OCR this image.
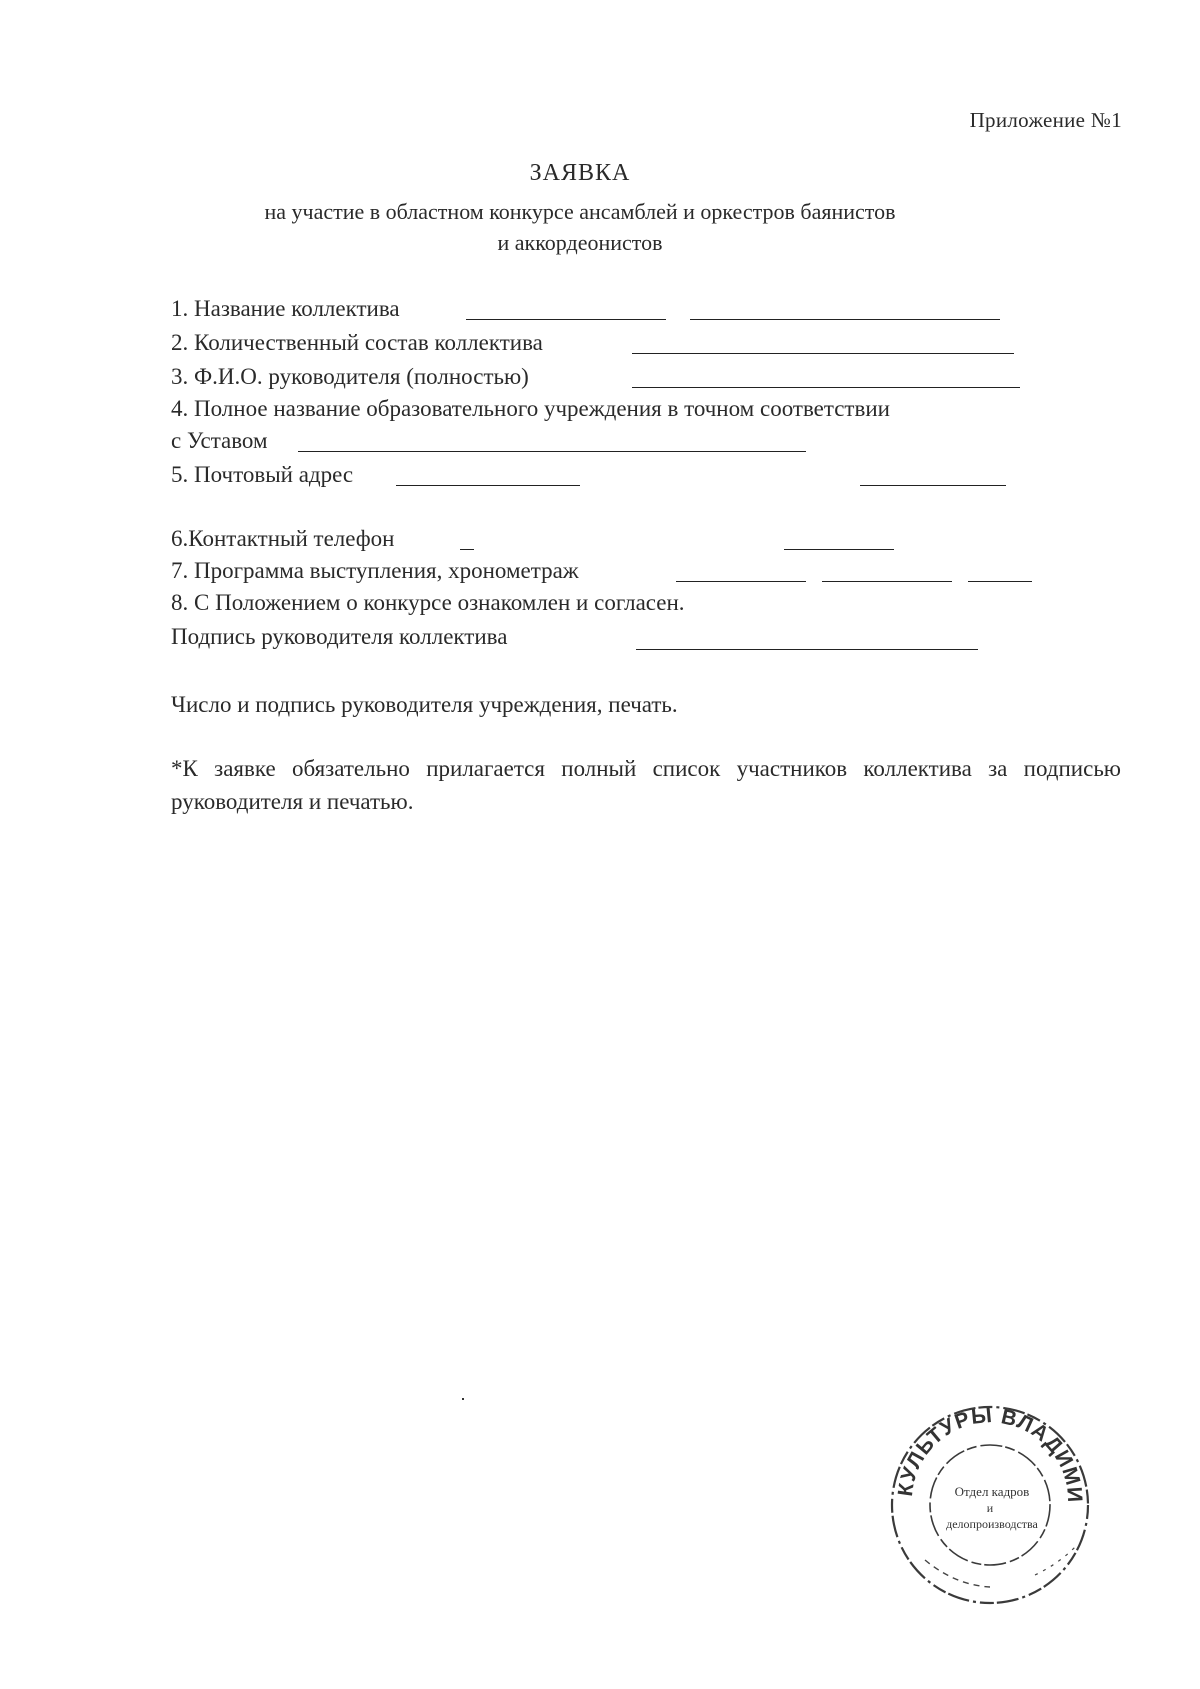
Приложение №1
ЗАЯВКА
на участие в областном конкурсе ансамблей и оркестров баянистов
и аккордеонистов
1. Название коллектива
2. Количественный состав коллектива
3. Ф.И.О. руководителя (полностью)
4. Полное название образовательного учреждения в точном соответствии
с Уставом
5. Почтовый адрес
6.Контактный телефон
7. Программа выступления, хронометраж
8. С Положением о конкурсе ознакомлен и согласен.
Подпись руководителя коллектива
Число и подпись руководителя учреждения, печать.
*К заявке обязательно прилагается полный список участников коллектива за подписью руководителя и печатью.
КУЛЬТУРЫ ВЛАДИМИ
Отдел кадров
и
делопроизводства
